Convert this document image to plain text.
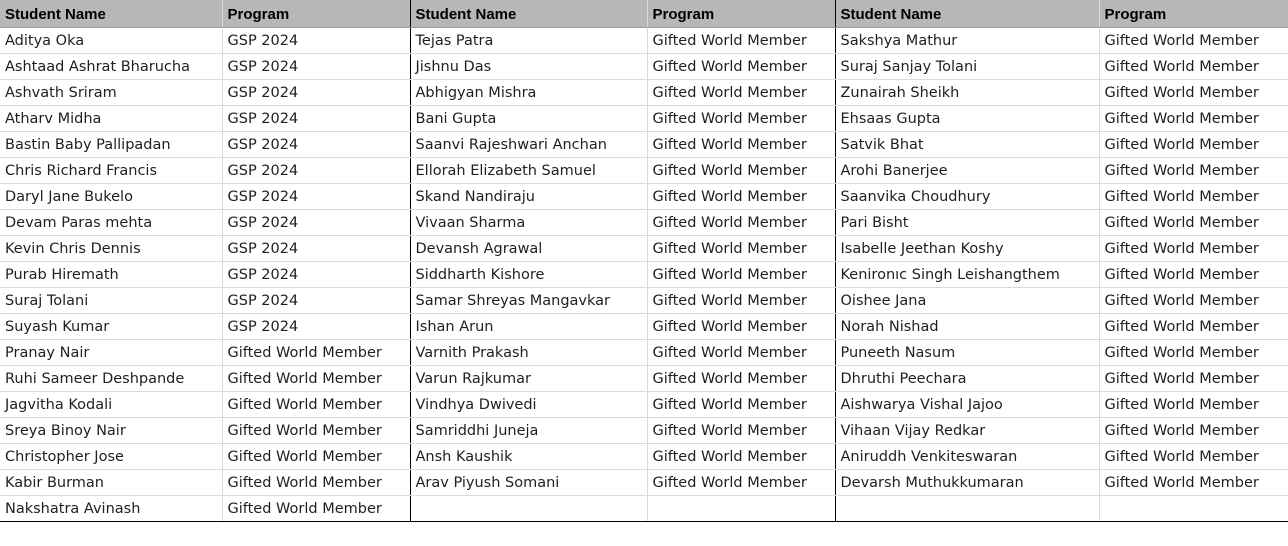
Student Name	Program	Student Name	Program	Student Name	Program
Aditya Oka	GSP 2024	Tejas Patra	Gifted World Member	Sakshya Mathur	Gifted World Member
Ashtaad Ashrat Bharucha	GSP 2024	Jishnu Das	Gifted World Member	Suraj Sanjay Tolani	Gifted World Member
Ashvath Sriram	GSP 2024	Abhigyan Mishra	Gifted World Member	Zunairah Sheikh	Gifted World Member
Atharv Midha	GSP 2024	Bani Gupta	Gifted World Member	Ehsaas Gupta	Gifted World Member
Bastin Baby Pallipadan	GSP 2024	Saanvi Rajeshwari Anchan	Gifted World Member	Satvik Bhat	Gifted World Member
Chris Richard Francis	GSP 2024	Ellorah Elizabeth Samuel	Gifted World Member	Arohi Banerjee	Gifted World Member
Daryl Jane Bukelo	GSP 2024	Skand Nandiraju	Gifted World Member	Saanvika Choudhury	Gifted World Member
Devam Paras mehta	GSP 2024	Vivaan Sharma	Gifted World Member	Pari Bisht	Gifted World Member
Kevin Chris Dennis	GSP 2024	Devansh Agrawal	Gifted World Member	Isabelle Jeethan Koshy	Gifted World Member
Purab Hiremath	GSP 2024	Siddharth Kishore	Gifted World Member	Kenironıc Singh Leishangthem	Gifted World Member
Suraj Tolani	GSP 2024	Samar Shreyas Mangavkar	Gifted World Member	Oishee Jana	Gifted World Member
Suyash Kumar	GSP 2024	Ishan Arun	Gifted World Member	Norah Nishad	Gifted World Member
Pranay Nair	Gifted World Member	Varnith Prakash	Gifted World Member	Puneeth Nasum	Gifted World Member
Ruhi Sameer Deshpande	Gifted World Member	Varun Rajkumar	Gifted World Member	Dhruthi Peechara	Gifted World Member
Jagvitha Kodali	Gifted World Member	Vindhya Dwivedi	Gifted World Member	Aishwarya Vishal Jajoo	Gifted World Member
Sreya Binoy Nair	Gifted World Member	Samriddhi Juneja	Gifted World Member	Vihaan Vijay Redkar	Gifted World Member
Christopher Jose	Gifted World Member	Ansh Kaushik	Gifted World Member	Aniruddh Venkiteswaran	Gifted World Member
Kabir Burman	Gifted World Member	Arav Piyush Somani	Gifted World Member	Devarsh Muthukkumaran	Gifted World Member
Nakshatra Avinash	Gifted World Member				
